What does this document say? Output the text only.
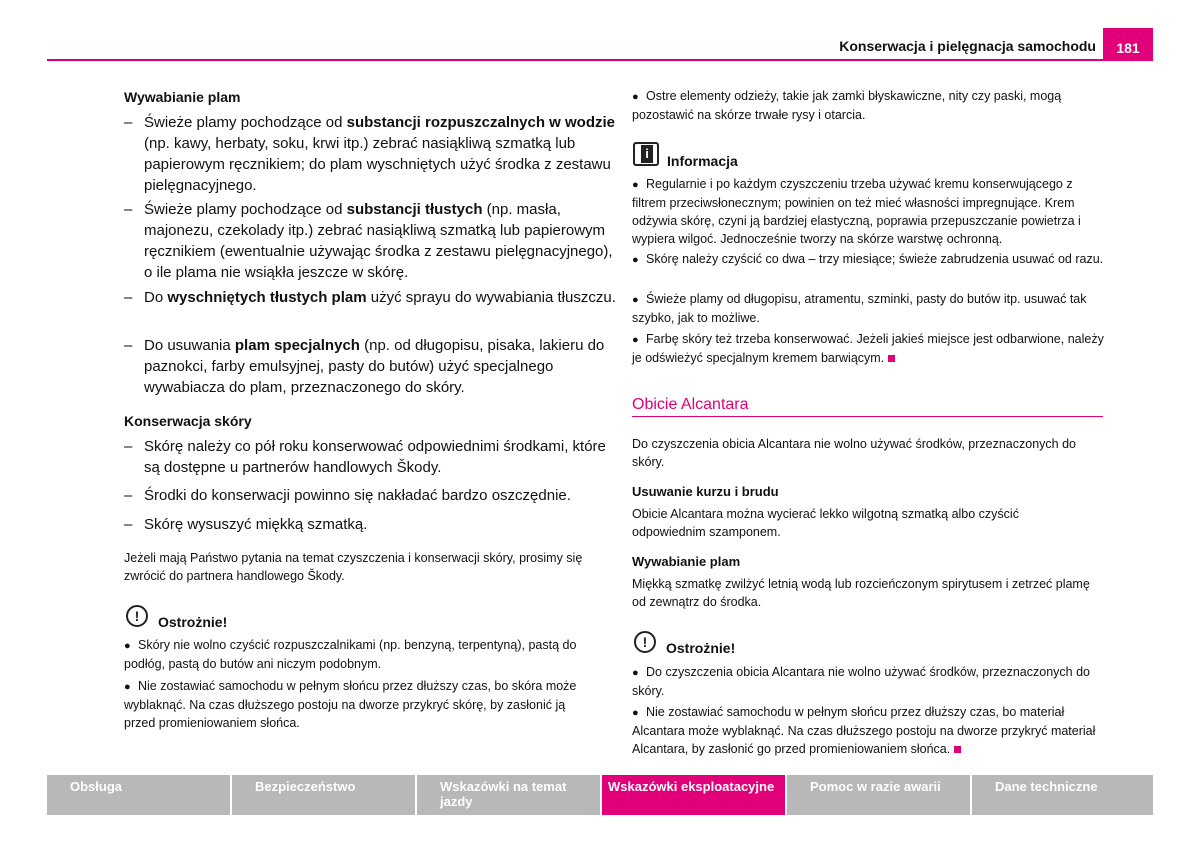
Konserwacja i pielęgnacja samochodu	181
Wywabianie plam
– Świeże plamy pochodzące od substancji rozpuszczalnych w wodzie (np. kawy, herbaty, soku, krwi itp.) zebrać nasiąkliwą szmatką lub papierowym ręcznikiem; do plam wyschniętych użyć środka z zestawu pielęgnacyjnego.
– Świeże plamy pochodzące od substancji tłustych (np. masła, majonezu, czekolady itp.) zebrać nasiąkliwą szmatką lub papierowym ręcznikiem (ewentualnie używając środka z zestawu pielęgnacyjnego), o ile plama nie wsiąkła jeszcze w skórę.
– Do wyschniętych tłustych plam użyć sprayu do wywabiania tłuszczu.
– Do usuwania plam specjalnych (np. od długopisu, pisaka, lakieru do paznokci, farby emulsyjnej, pasty do butów) użyć specjalnego wywabiacza do plam, przeznaczonego do skóry.
Konserwacja skóry
– Skórę należy co pół roku konserwować odpowiednimi środkami, które są dostępne u partnerów handlowych Škody.
– Środki do konserwacji powinno się nakładać bardzo oszczędnie.
– Skórę wysuszyć miękką szmatką.
Jeżeli mają Państwo pytania na temat czyszczenia i konserwacji skóry, prosimy się zwrócić do partnera handlowego Škody.
!	Ostrożnie!
● Skóry nie wolno czyścić rozpuszczalnikami (np. benzyną, terpentyną), pastą do podłóg, pastą do butów ani niczym podobnym.
● Nie zostawiać samochodu w pełnym słońcu przez dłuższy czas, bo skóra może wyblaknąć. Na czas dłuższego postoju na dworze przykryć skórę, by zasłonić ją przed promieniowaniem słońca.
● Ostre elementy odzieży, takie jak zamki błyskawiczne, nity czy paski, mogą pozostawić na skórze trwałe rysy i otarcia.
i Informacja
● Regularnie i po każdym czyszczeniu trzeba używać kremu konserwującego z filtrem przeciwsłonecznym; powinien on też mieć własności impregnujące. Krem odżywia skórę, czyni ją bardziej elastyczną, poprawia przepuszczanie powietrza i wypiera wilgoć. Jednocześnie tworzy na skórze warstwę ochronną.
● Skórę należy czyścić co dwa – trzy miesiące; świeże zabrudzenia usuwać od razu.
● Świeże plamy od długopisu, atramentu, szminki, pasty do butów itp. usuwać tak szybko, jak to możliwe.
● Farbę skóry też trzeba konserwować. Jeżeli jakieś miejsce jest odbarwione, należy je odświeżyć specjalnym kremem barwiącym.
Obicie Alcantara
Do czyszczenia obicia Alcantara nie wolno używać środków, przeznaczonych do skóry.
Usuwanie kurzu i brudu
Obicie Alcantara można wycierać lekko wilgotną szmatką albo czyścić odpowiednim szamponem.
Wywabianie plam
Miękką szmatkę zwilżyć letnią wodą lub rozcieńczonym spirytusem i zetrzeć plamę od zewnątrz do środka.
!	Ostrożnie!
● Do czyszczenia obicia Alcantara nie wolno używać środków, przeznaczonych do skóry.
● Nie zostawiać samochodu w pełnym słońcu przez dłuższy czas, bo materiał Alcantara może wyblaknąć. Na czas dłuższego postoju na dworze przykryć materiał Alcantara, by zasłonić go przed promieniowaniem słońca.
Obsługa	Bezpieczeństwo	Wskazówki na temat jazdy
Wskazówki eksploatacyjne	Pomoc w razie awarii	Dane techniczne
